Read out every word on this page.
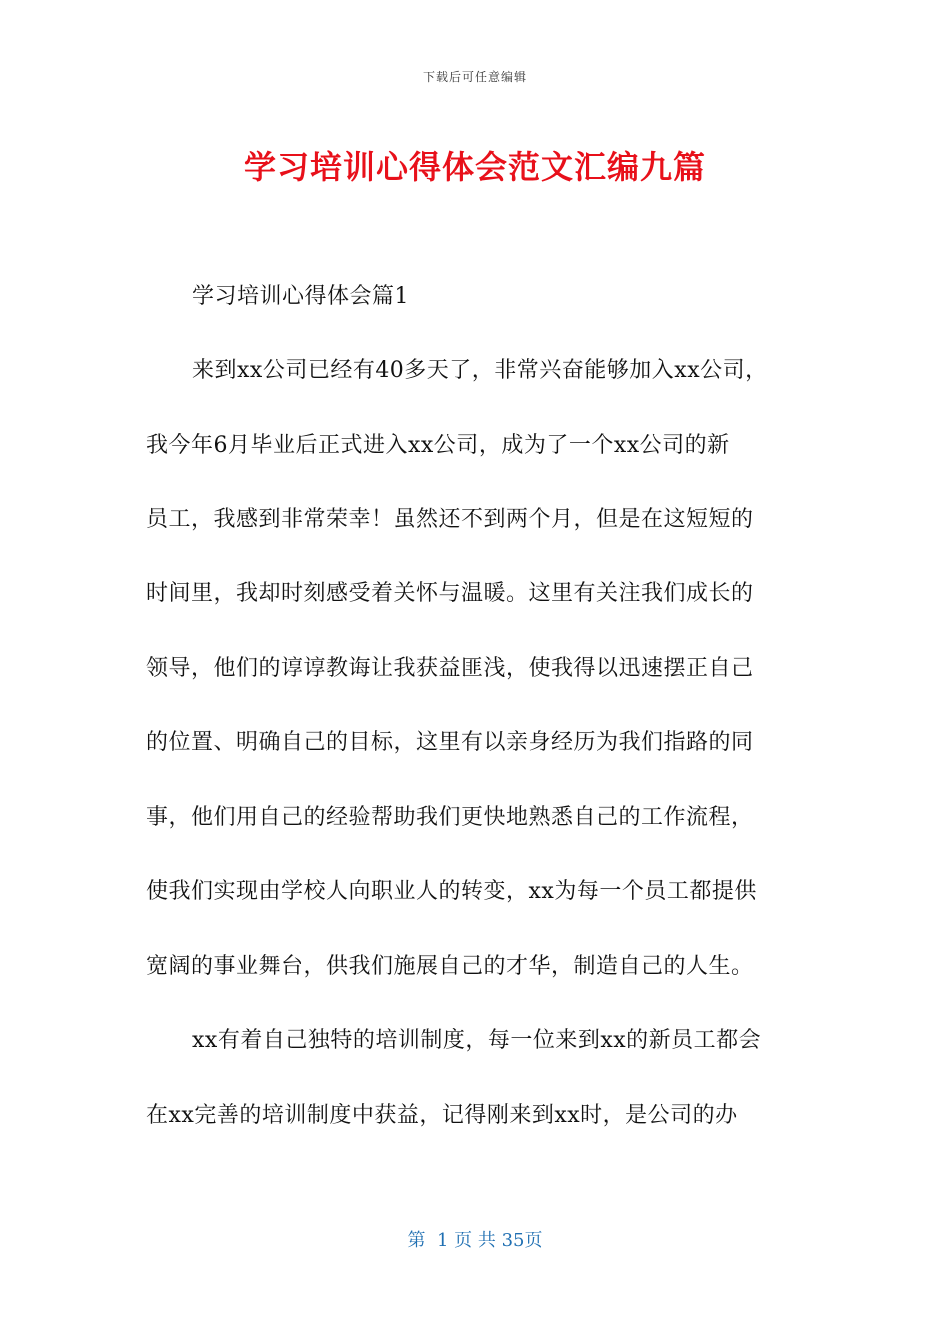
下载后可任意编辑
学习培训心得体会范文汇编九篇
学习培训心得体会篇1
来到xx公司已经有40多天了，非常兴奋能够加入xx公司，
我今年6月毕业后正式进入xx公司，成为了一个xx公司的新
员工，我感到非常荣幸！虽然还不到两个月，但是在这短短的
时间里，我却时刻感受着关怀与温暖。这里有关注我们成长的
领导，他们的谆谆教诲让我获益匪浅，使我得以迅速摆正自己
的位置、明确自己的目标，这里有以亲身经历为我们指路的同
事，他们用自己的经验帮助我们更快地熟悉自己的工作流程，
使我们实现由学校人向职业人的转变，xx为每一个员工都提供
宽阔的事业舞台，供我们施展自己的才华，制造自己的人生。
xx有着自己独特的培训制度，每一位来到xx的新员工都会
在xx完善的培训制度中获益，记得刚来到xx时，是公司的办
第  1 页 共 35页
